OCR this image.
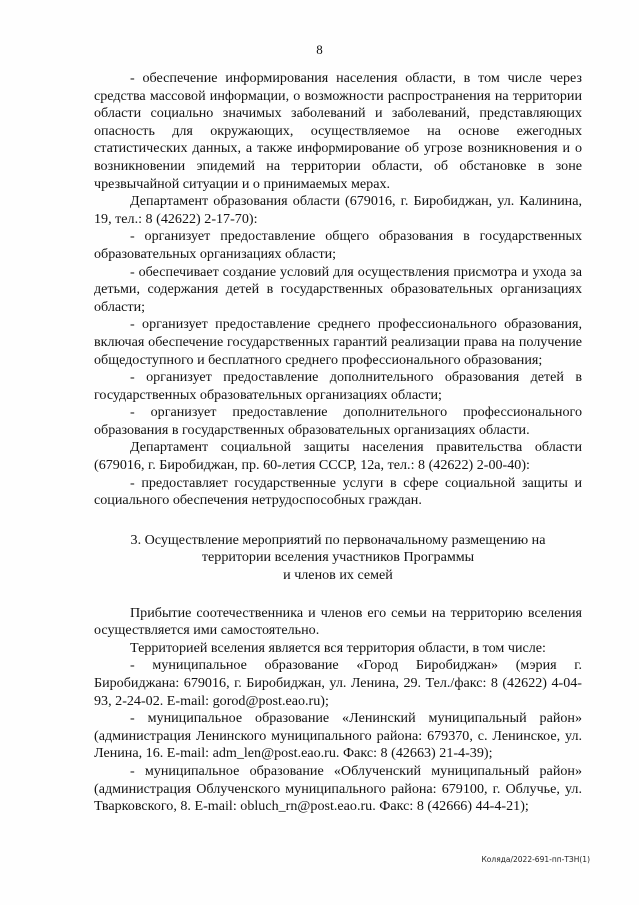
8

- обеспечение информирования населения области, в том числе через средства массовой информации, о возможности распространения на территории области социально значимых заболеваний и заболеваний, представляющих опасность для окружающих, осуществляемое на основе ежегодных статистических данных, а также информирование об угрозе возникновения и о возникновении эпидемий на территории области, об обстановке в зоне чрезвычайной ситуации и о принимаемых мерах.

Департамент образования области (679016, г. Биробиджан, ул. Калинина, 19, тел.: 8 (42622) 2-17-70):

- организует предоставление общего образования в государственных образовательных организациях области;

- обеспечивает создание условий для осуществления присмотра и ухода за детьми, содержания детей в государственных образовательных организациях области;

- организует предоставление среднего профессионального образования, включая обеспечение государственных гарантий реализации права на получение общедоступного и бесплатного среднего профессионального образования;

- организует предоставление дополнительного образования детей в государственных образовательных организациях области;

- организует предоставление дополнительного профессионального образования в государственных образовательных организациях области.

Департамент социальной защиты населения правительства области (679016, г. Биробиджан, пр. 60-летия СССР, 12а, тел.: 8 (42622) 2-00-40):

- предоставляет государственные услуги в сфере социальной защиты и социального обеспечения нетрудоспособных граждан.

3. Осуществление мероприятий по первоначальному размещению на
территории вселения участников Программы
и членов их семей

Прибытие соотечественника и членов его семьи на территорию вселения осуществляется ими самостоятельно.

Территорией вселения является вся территория области, в том числе:

- муниципальное образование «Город Биробиджан» (мэрия г. Биробиджана: 679016, г. Биробиджан, ул. Ленина, 29. Тел./факс: 8 (42622) 4-04-93, 2-24-02. E-mail: gorod@post.eao.ru);

- муниципальное образование «Ленинский муниципальный район» (администрация Ленинского муниципального района: 679370, с. Ленинское, ул. Ленина, 16. E-mail: adm_len@post.eao.ru. Факс: 8 (42663) 21-4-39);

- муниципальное образование «Облученский муниципальный район» (администрация Облученского муниципального района: 679100, г. Облучье, ул. Тварковского, 8. E-mail: obluch_rn@post.eao.ru. Факс: 8 (42666) 44-4-21);

Коляда/2022-691-пп-ТЗН(1)
